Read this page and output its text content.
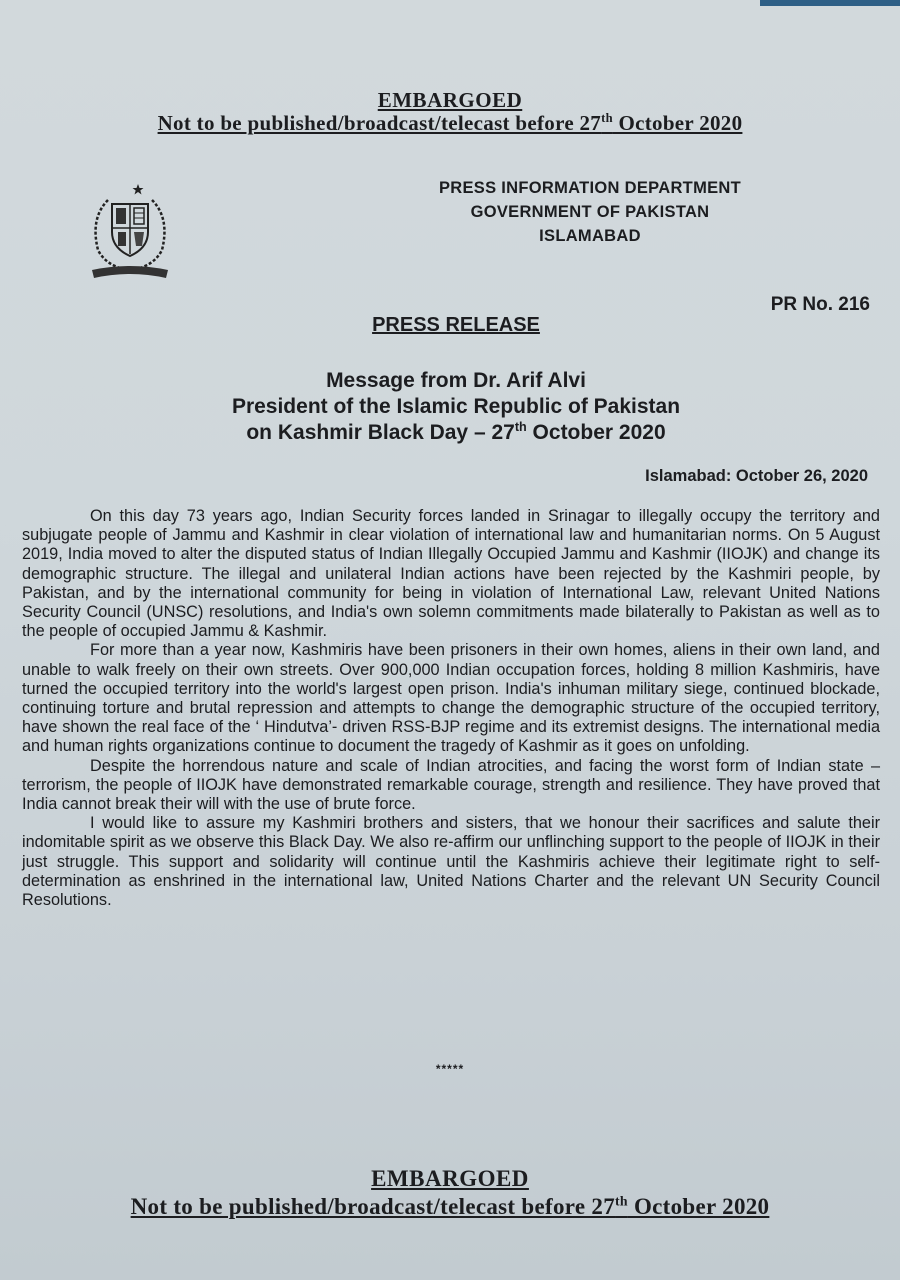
EMBARGOED
Not to be published/broadcast/telecast before 27th October 2020
PRESS INFORMATION DEPARTMENT
GOVERNMENT OF PAKISTAN
ISLAMABAD
PR No. 216
PRESS RELEASE
Message from Dr. Arif Alvi
President of the Islamic Republic of Pakistan
on Kashmir Black Day – 27th October 2020
Islamabad: October 26, 2020

On this day 73 years ago, Indian Security forces landed in Srinagar to illegally occupy the territory and subjugate people of Jammu and Kashmir in clear violation of international law and humanitarian norms. On 5 August 2019, India moved to alter the disputed status of Indian Illegally Occupied Jammu and Kashmir (IIOJK) and change its demographic structure. The illegal and unilateral Indian actions have been rejected by the Kashmiri people, by Pakistan, and by the international community for being in violation of International Law, relevant United Nations Security Council (UNSC) resolutions, and India's own solemn commitments made bilaterally to Pakistan as well as to the people of occupied Jammu & Kashmir.

For more than a year now, Kashmiris have been prisoners in their own homes, aliens in their own land, and unable to walk freely on their own streets. Over 900,000 Indian occupation forces, holding 8 million Kashmiris, have turned the occupied territory into the world's largest open prison. India's inhuman military siege, continued blockade, continuing torture and brutal repression and attempts to change the demographic structure of the occupied territory, have shown the real face of the ‘ Hindutva’- driven RSS-BJP regime and its extremist designs. The international media and human rights organizations continue to document the tragedy of Kashmir as it goes on unfolding.

Despite the horrendous nature and scale of Indian atrocities, and facing the worst form of Indian state –terrorism, the people of IIOJK have demonstrated remarkable courage, strength and resilience. They have proved that India cannot break their will with the use of brute force.

I would like to assure my Kashmiri brothers and sisters, that we honour their sacrifices and salute their indomitable spirit as we observe this Black Day. We also re-affirm our unflinching support to the people of IIOJK in their just struggle. This support and solidarity will continue until the Kashmiris achieve their legitimate right to self-determination as enshrined in the international law, United Nations Charter and the relevant UN Security Council Resolutions.

*****
EMBARGOED
Not to be published/broadcast/telecast before 27th October 2020
